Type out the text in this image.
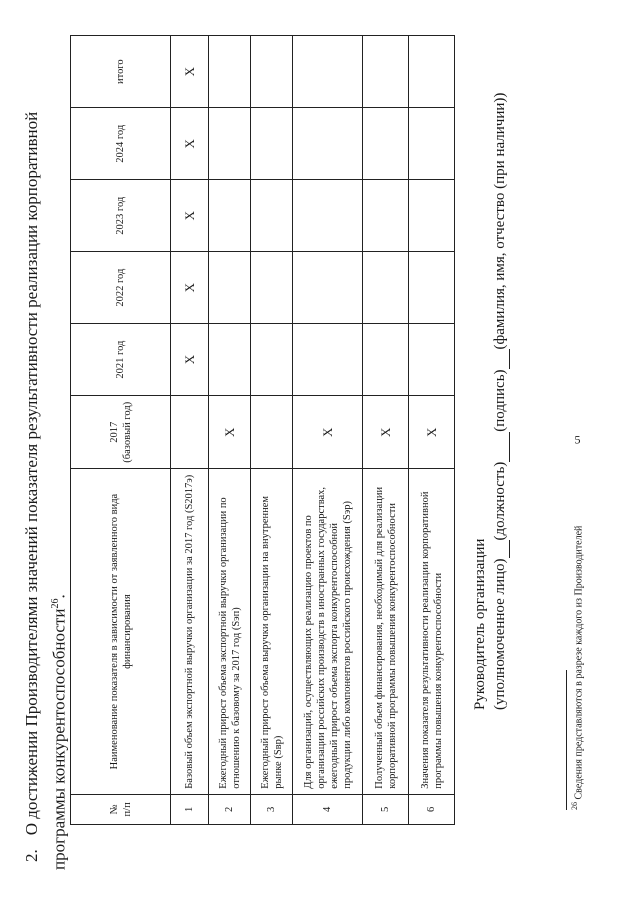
5
2.О достижении Производителями значений показателя результативности реализации корпоративной программы конкурентоспособности$^{26}$.
№ п/п	Наименование показателя в зависимости от заявленного вида финансирования	2017 (базовый год)	2021 год	2022 год	2023 год	2024 год	итого
1	Базовый объем экспортной выручки организации за 2017 год (S2017э)		X	X	X	X	X
2	Ежегодный прирост объема экспортной выручки организации по отношению к базовому за 2017 год (Sэп)	X					
3	Ежегодный прирост объема выручки организации на внутреннем рынке (Sвр)						
4	Для организаций, осуществляющих реализацию проектов по организации российских производств в иностранных государствах, ежегодный прирост объема экспорта конкурентоспособной продукции либо компонентов российского происхождения (Sэр)	X					
5	Полученный объем финансирования, необходимый для реализации корпоративной программы повышения конкурентоспособности	X					
6	Значения показателя результативности реализации корпоративной программы повышения конкурентоспособности	X					
Руководитель организации (уполномоченное лицо)
(должность)
(подпись)
(фамилия, имя, отчество (при наличии))
$^{26}$ Сведения представляются в разрезе каждого из Производителей
